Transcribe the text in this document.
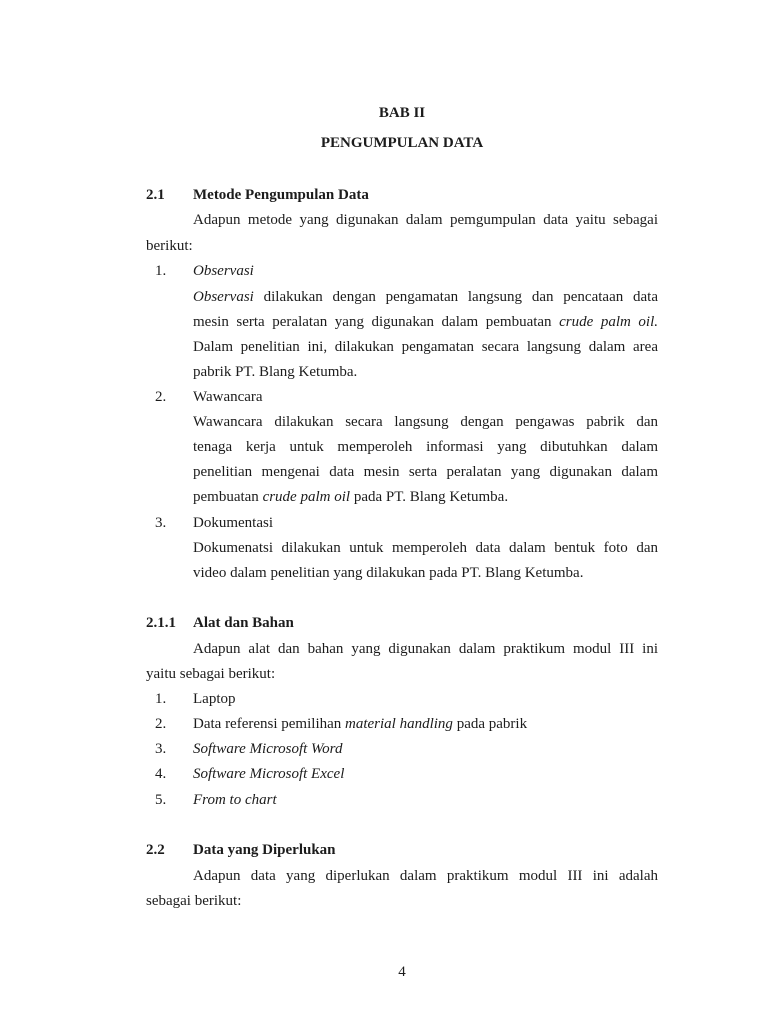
BAB II
PENGUMPULAN DATA
2.1 Metode Pengumpulan Data
Adapun metode yang digunakan dalam pemgumpulan data yaitu sebagai
berikut:
1. Observasi
Observasi dilakukan dengan pengamatan langsung dan pencataan data
mesin serta peralatan yang digunakan dalam pembuatan crude palm oil.
Dalam penelitian ini, dilakukan pengamatan secara langsung dalam area
pabrik PT. Blang Ketumba.
2. Wawancara
Wawancara dilakukan secara langsung dengan pengawas pabrik dan
tenaga kerja untuk memperoleh informasi yang dibutuhkan dalam
penelitian mengenai data mesin serta peralatan yang digunakan dalam
pembuatan crude palm oil pada PT. Blang Ketumba.
3. Dokumentasi
Dokumenatsi dilakukan untuk memperoleh data dalam bentuk foto dan
video dalam penelitian yang dilakukan pada PT. Blang Ketumba.
2.1.1 Alat dan Bahan
Adapun alat dan bahan yang digunakan dalam praktikum modul III ini
yaitu sebagai berikut:
1. Laptop
2. Data referensi pemilihan material handling pada pabrik
3. Software Microsoft Word
4. Software Microsoft Excel
5. From to chart
2.2 Data yang Diperlukan
Adapun data yang diperlukan dalam praktikum modul III ini adalah
sebagai berikut:
4
